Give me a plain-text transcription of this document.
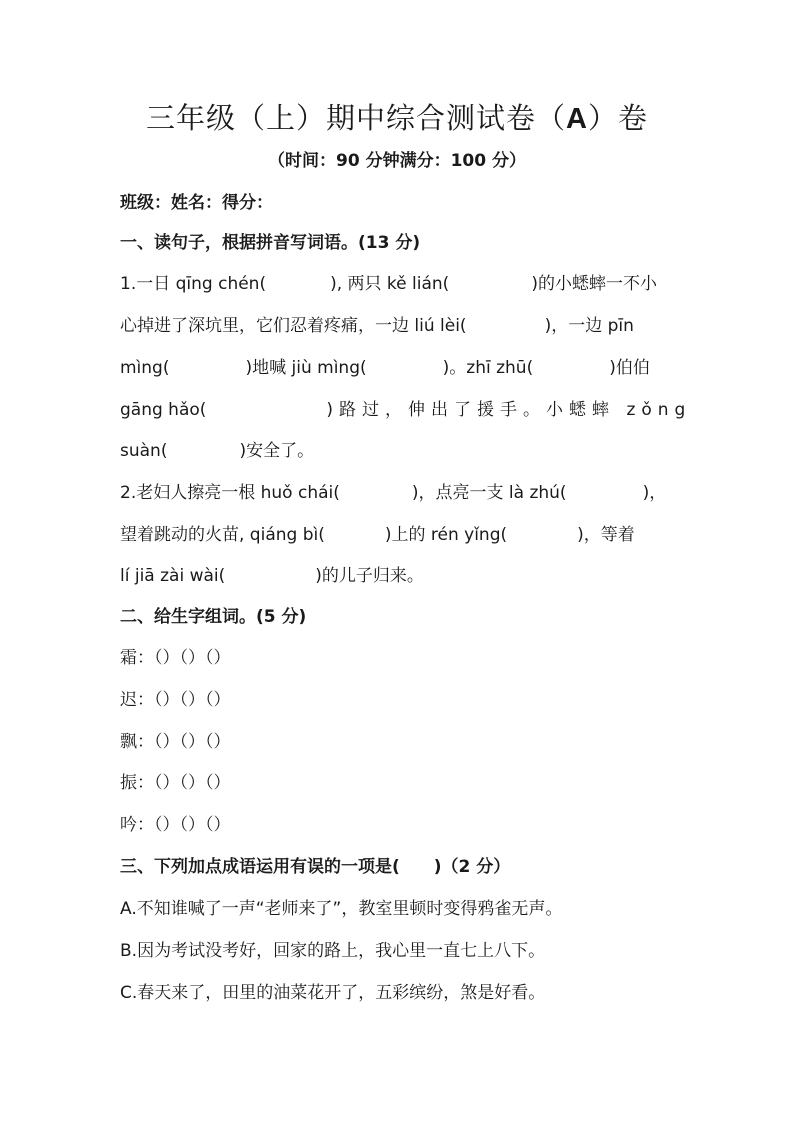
三年级（上）期中综合测试卷（A）卷
（时间：90 分钟满分：100 分）
班级：姓名：得分：
一、读句子，根据拼音写词语。(13 分)
1.一日 qīng chén(	), 两只 kě lián(	)的小蟋蟀一不小
心掉进了深坑里，它们忍着疼痛，一边 liú lèi(	)，一边 pīn
mìng(	)地喊 jiù mìng(	)。zhī zhū(	)伯伯
gāng hǎo(	)路过，伸出了援手。小蟋蟀 zǒng
suàn(	)安全了。
2.老妇人擦亮一根 huǒ chái(	)，点亮一支 là zhú(	)，
望着跳动的火苗, qiáng bì(	)上的 rén yǐng(	)，等着
lí jiā zài wài(	)的儿子归来。
二、给生字组词。(5 分)
霜：（）（）（）
迟：（）（）（）
飘：（）（）（）
振：（）（）（）
吟：（）（）（）
三、下列加点成语运用有误的一项是( )（2 分）
A.不知谁喊了一声“老师来了”，教室里顿时变得鸦雀无声。
B.因为考试没考好，回家的路上，我心里一直七上八下。
C.春天来了，田里的油菜花开了，五彩缤纷，煞是好看。
